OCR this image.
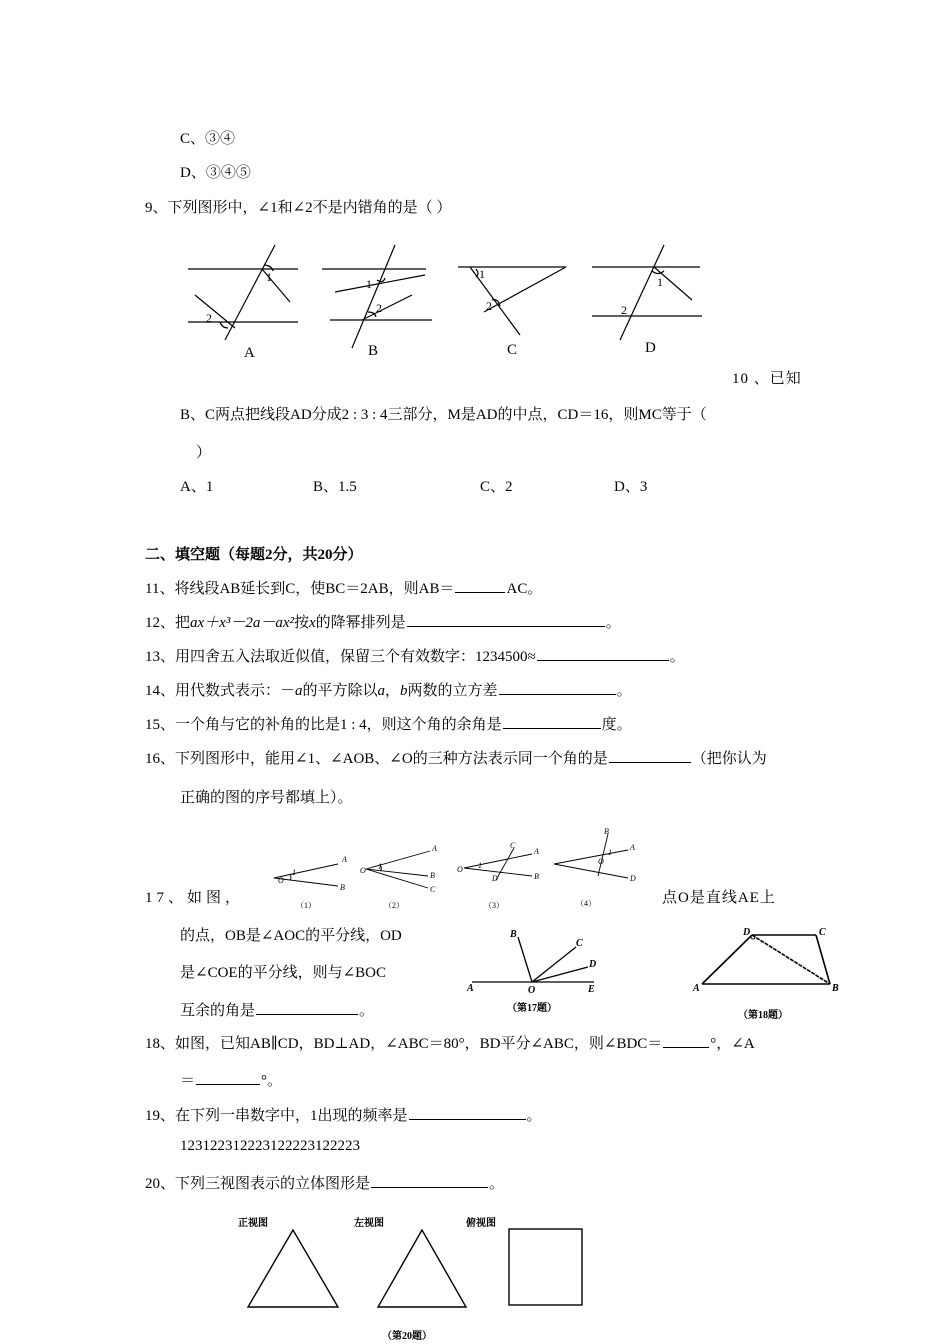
C、③④
D、③④⑤
9、下列图形中，∠1和∠2不是内错角的是（ ）
1
2
1
2
1
2
1
2
A	B	C	D
10 、已知
B、C两点把线段AD分成2 : 3 : 4三部分，M是AD的中点，CD＝16，则MC等于（
）
A、1	B、1.5	C、2	D、3
二、填空题（每题2分，共20分）
11、将线段AB延长到C，使BC＝2AB，则AB＝	AC。
12、把ax＋x³－2a－ax²按x的降幂排列是	。
13、用四舍五入法取近似值，保留三个有效数字：1234500≈	。
14、用代数式表示：－a的平方除以a，b两数的立方差	。
15、一个角与它的补角的比是1 : 4，则这个角的余角是	度。
16、下列图形中，能用∠1、∠AOB、∠O的三种方法表示同一个角的是	（把你认为
正确的图的序号都填上）。
A
B
O
1
A
B
C
O 1
A
B
C
D
O 1
A
B
D
O
1
（1）	（2）	（3）	（4）
17、如图，	点O是直线AE上
的点，OB是∠AOC的平分线，OD
是∠COE的平分线，则与∠BOC
互余的角是	。
A
B
C
D
O	E
（第17题）
D	C
A	B
（第18题）
18、如图，已知AB∥CD，BD⊥AD，∠ABC＝80°，BD平分∠ABC，则∠BDC＝	°，∠A
＝	°。
19、在下列一串数字中，1出现的频率是	。
123122312223122223122223
20、下列三视图表示的立体图形是	。
正视图	左视图	俯视图
（第20题）
